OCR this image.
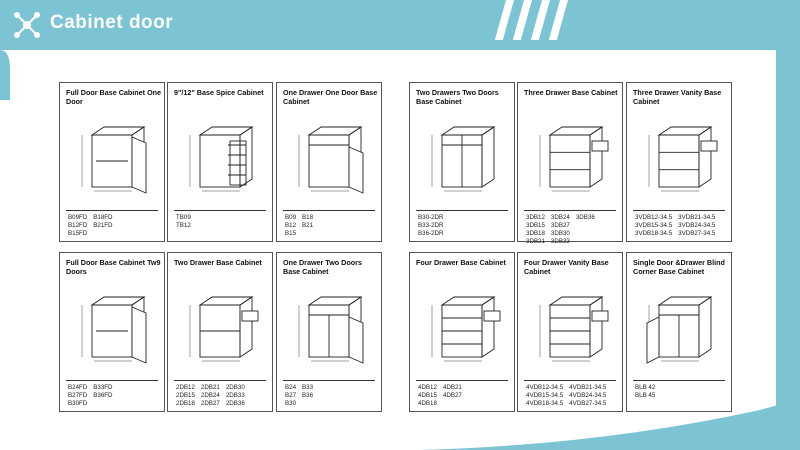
Cabinet door
Full Door Base Cabinet One Door
B09FD B18FD
B12FD B21FD
B15FD
9"/12" Base Spice Cabinet
TB09
TB12
One Drawer One Door Base Cabinet
B09 B18
B12 B21
B15
Two Drawers Two Doors Base Cabinet
B30-2DR
B33-2DR
B36-2DR
Three Drawer Base Cabinet
3DB12 3DB24 3DB36
3DB15 3DB27
3DB18 3DB30
3DB21 3DB33
Three Drawer Vanity Base Cabinet
3VDB12-34.5 3VDB21-34.5
3VDB15-34.5 3VDB24-34.5
3VDB18-34.5 3VDB27-34.5
Full Door Base Cabinet Tw9 Doors
B24FD B33FD
B27FD B36FD
B30FD
Two Drawer Base Cabinet
2DB12 2DB21 2DB30
2DB15 2DB24 2DB33
2DB18 2DB27 2DB36
One Drawer Two Doors Base Cabinet
B24 B33
B27 B36
B30
Four Drawer Base Cabinet
4DB12 4DB21
4DB15 4DB27
4DB18
Four Drawer Vanity Base Cabinet
4VDB12-34.5 4VDB21-34.5
4VDB15-34.5 4VDB24-34.5
4VDB18-34.5 4VDB27-34.5
Single Door &Drawer Blind Corner Base Cabinet
BLB 42
BLB 45
